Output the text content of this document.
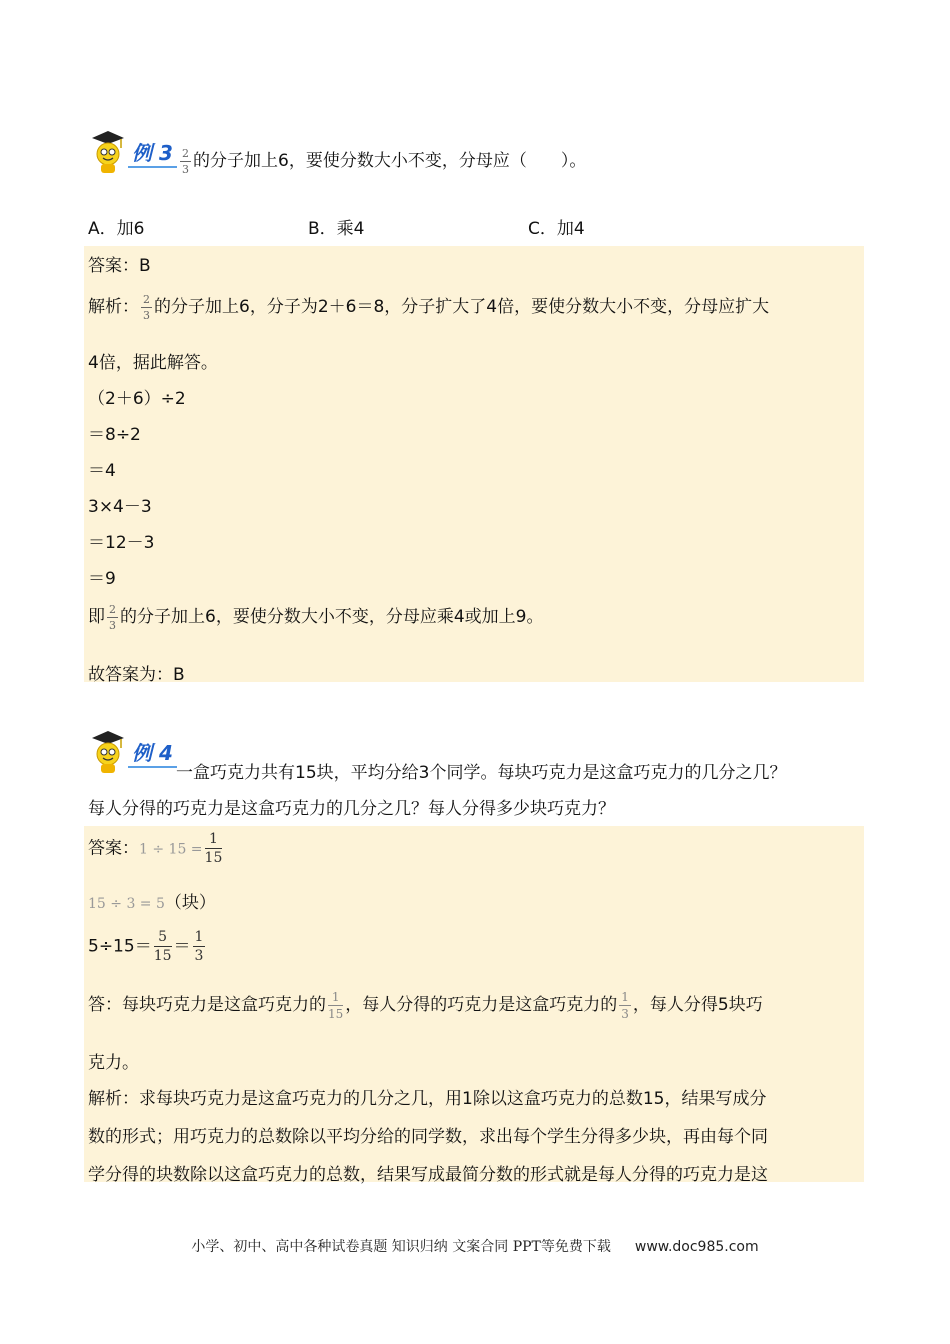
例 $3 \frac{2}{3}$ 的分子加上6，要使分数大小不变，分母应（　　）。
A．加6	B．乘4	C．加4
答案：B
解析： $\frac{2}{3}$ 的分子加上6，分子为2＋6＝8，分子扩大了4倍，要使分数大小不变，分母应扩大
4倍，据此解答。
（2＋6）÷2
＝8÷2
＝4
3×4－3
＝12－3
＝9
即 $\frac{2}{3}$ 的分子加上6，要使分数大小不变，分母应乘4或加上9。
故答案为：B
例 4
一盒巧克力共有15块，平均分给3个同学。每块巧克力是这盒巧克力的几分之几？
每人分得的巧克力是这盒巧克力的几分之几？每人分得多少块巧克力？
答案：$1 \div 15 = \frac{1}{15}$
15 ÷ 3 = 5（块）
$5\div 15= \frac{5}{15} = \frac{1}{3}$
答：每块巧克力是这盒巧克力的 $\frac{1}{15}$ ，每人分得的巧克力是这盒巧克力的 $\frac{1}{3}$ ，每人分得5块巧
克力。
解析：求每块巧克力是这盒巧克力的几分之几，用1除以这盒巧克力的总数15，结果写成分
数的形式；用巧克力的总数除以平均分给的同学数，求出每个学生分得多少块，再由每个同
学分得的块数除以这盒巧克力的总数，结果写成最简分数的形式就是每人分得的巧克力是这
小学、初中、高中各种试卷真题 知识归纳 文案合同 PPT等免费下载 www.doc985.com
